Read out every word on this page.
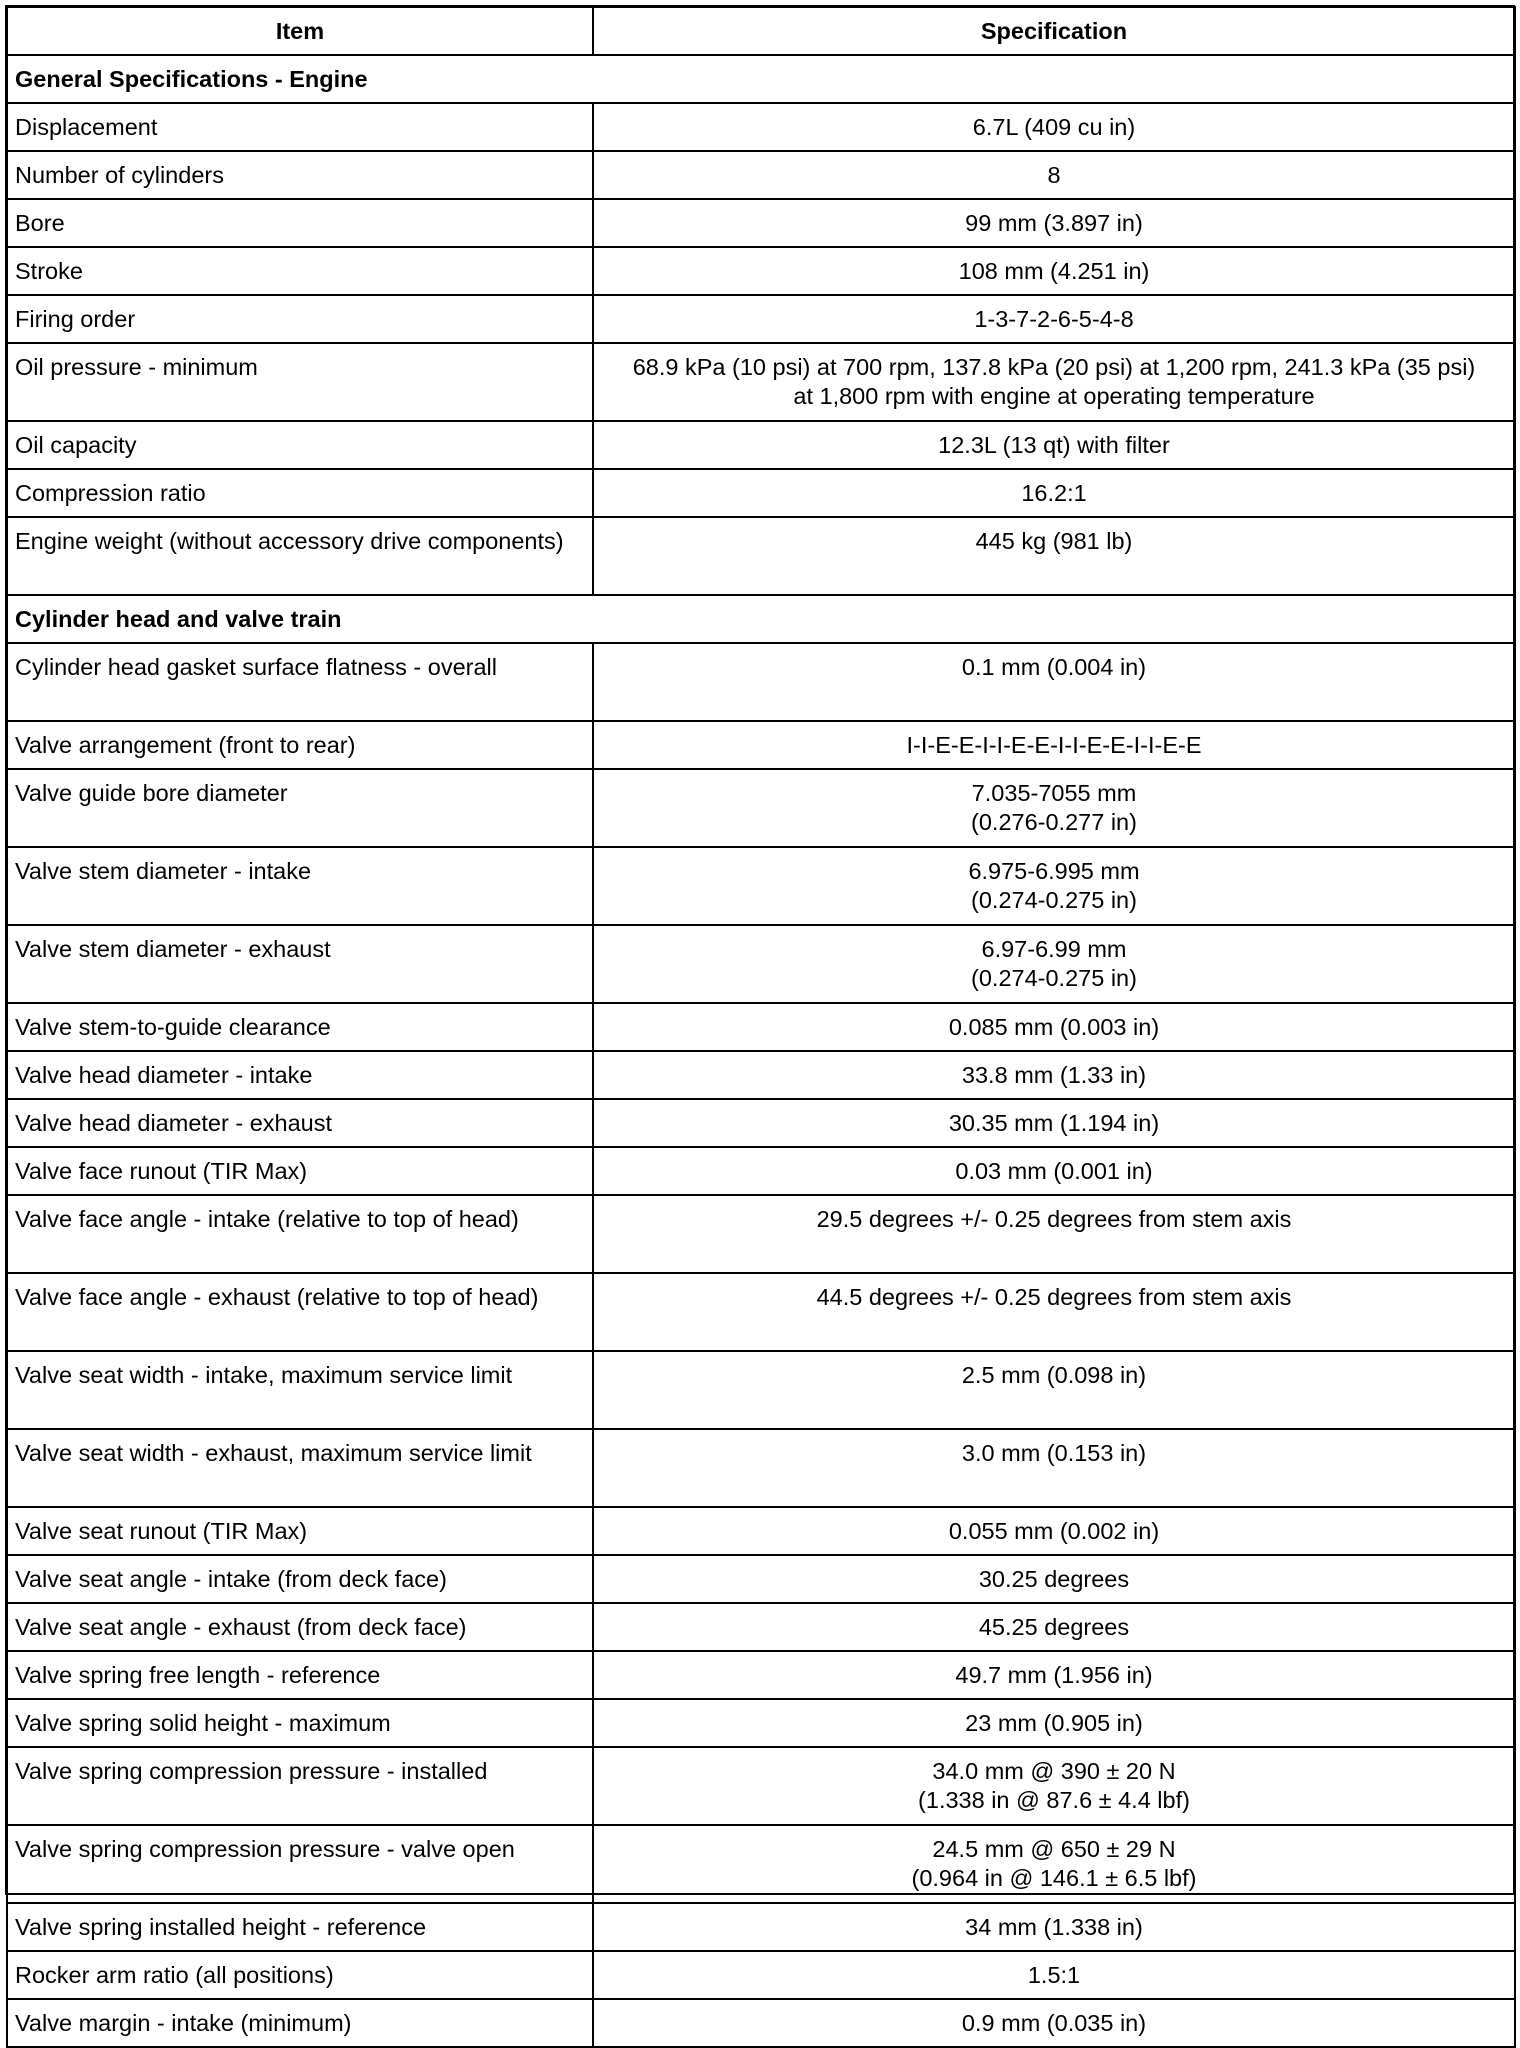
Item	Specification
General Specifications - Engine	
Displacement	6.7L (409 cu in)

Number of cylinders	8

Bore	99 mm (3.897 in)

Stroke	108 mm (4.251 in)

Firing order	1-3-7-2-6-5-4-8

Oil pressure - minimum	68.9 kPa (10 psi) at 700 rpm, 137.8 kPa (20 psi) at 1,200 rpm, 241.3 kPa (35 psi)
at 1,800 rpm with engine at operating temperature

Oil capacity	12.3L (13 qt) with filter

Compression ratio	16.2:1

Engine weight (without accessory drive components)	445 kg (981 lb)

Cylinder head and valve train	
Cylinder head gasket surface flatness - overall	0.1 mm (0.004 in)

Valve arrangement (front to rear)	I-I-E-E-I-I-E-E-I-I-E-E-I-I-E-E

Valve guide bore diameter	7.035-7055 mm
(0.276-0.277 in)

Valve stem diameter - intake	6.975-6.995 mm
(0.274-0.275 in)

Valve stem diameter - exhaust	6.97-6.99 mm
(0.274-0.275 in)

Valve stem-to-guide clearance	0.085 mm (0.003 in)

Valve head diameter - intake	33.8 mm (1.33 in)

Valve head diameter - exhaust	30.35 mm (1.194 in)

Valve face runout (TIR Max)	0.03 mm (0.001 in)

Valve face angle - intake (relative to top of head)	29.5 degrees +/- 0.25 degrees from stem axis

Valve face angle - exhaust (relative to top of head)	44.5 degrees +/- 0.25 degrees from stem axis

Valve seat width - intake, maximum service limit	2.5 mm (0.098 in)

Valve seat width - exhaust, maximum service limit	3.0 mm (0.153 in)

Valve seat runout (TIR Max)	0.055 mm (0.002 in)

Valve seat angle - intake (from deck face)	30.25 degrees

Valve seat angle - exhaust (from deck face)	45.25 degrees

Valve spring free length - reference	49.7 mm (1.956 in)

Valve spring solid height - maximum	23 mm (0.905 in)

Valve spring compression pressure - installed	34.0 mm @ 390 ± 20 N
(1.338 in @ 87.6 ± 4.4 lbf)

Valve spring compression pressure - valve open	24.5 mm @ 650 ± 29 N
(0.964 in @ 146.1 ± 6.5 lbf)

Valve spring installed height - reference	34 mm (1.338 in)

Rocker arm ratio (all positions)	1.5:1

Valve margin - intake (minimum)	0.9 mm (0.035 in)
